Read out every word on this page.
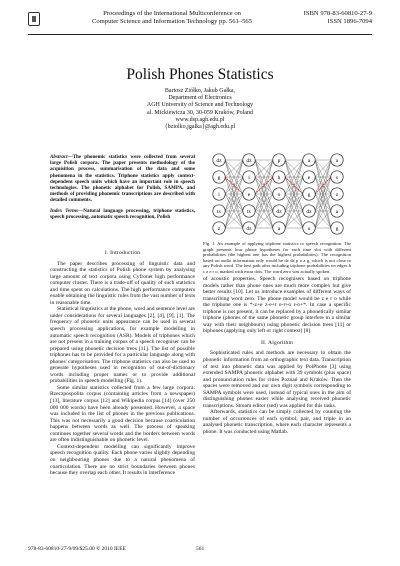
Proceedings of the International Multiconference on
Computer Science and Information Technology pp. 561–565
ISBN 978-83-60810-27-9
ISSN 1896-7094
Polish Phones Statistics
Bartosz Ziółko, Jakub Gałka,
Department of Electronics
AGH University of Science and Technology
al. Mickiewicza 30, 30-059 Kraków, Poland
www.dsp.agh.edu.pl
{bziolko,jgalka}@agh.edu.pl
Abstract—The phonemic statistics were collected from several large Polish corpora. The paper presents methodology of the acquisition process, summarisation of the data and some phenomena in the statistics. Triphone statistics apply context-dependent speech units which have an important role in speech technologies. The phonetic alphabet for Polish, SAMPA, and methods of providing phonemic transcriptions are described with detailed comments.
Index Terms—Natural language processing, triphone statistics, speech processing, automatic speech recognition, Polish
I. Introduction
The paper describes processing of linguistic data and constructing the statistics of Polish phone system by analysing large amount of text corpora using Cyfronet high performance computer cluster. There is a trade-off of quality of such statistics and time spent on calculations. The high performance computers enable obtaining the linguistic rules from the vast number of texts in reasonable time.
Statistical linguistics at the phone, word and sentence level are under considerations for several languages [2], [4], [9], [1]. The frequency of phonetic units appearance can be used in several speech processing applications, for example modelling in automatic speech recognition (ASR). Models of triphones which are not present in a training corpus of a speech recogniser can be prepared using phonetic decision trees [11]. The list of possible triphones has to be provided for a particular language along with phones' categorisation. The triphone statistics can also be used to generate hypotheses used in recognition of out-of-dictionary words including proper names or to provide additional probabilities in speech modelling (Fig. 1).
Some similar statistics collected from a few large corpora: Rzeczpospolita corpus (containing articles from a newspaper) [13], literature corpus [12] and Wikipedia corpus [14] (over 250 000 000 words) have been already presented. However, a space was included in the list of phones in the previous publications. This was not necessarily a good decision because coarticulation happens between words as well. The process of speaking continues together several words and the borders between words are often indistinguishable on phonetic level.
Context-dependent modelling can significantly improve speech recognition quality. Each phone varies slightly depending on neighbouring phones due to a natural phenomena of coarticulation. There are no strict boundaries between phones because they overlap each other. It results in interference
dz	dz	p	a	a
g	i	h	e	s
i	e	o	g	z
ts	ts	dz	dz	a
z	dz	a	o	g
Fig. 1. An example of applying triphone statistics to speech recognition. The graph presents four phone hypotheses for each time slot with different probabilities (the highest one has the highest probabilities). The recognition based on audio information only would be dz dz p a a g, which is not close to any Polish word. The best path after including triphone probabilities on edges b c z e r o, marked with extra dots. The word zero was actually spoken.
of acoustic properties. Speech recognisers based on triphone models rather than phone ones are much more complex but give better results [10]. Let us introduce examples of different ways of transcribing word zero. The phone model would be z e r o while the triphone one is *-z+e z-e+r e-r+o r-o+*. In case a specific triphone is not present, it can be replaced by a phonetically similar triphone (phones of the same phonetic group interfere in a similar way with their neighbours) using phonetic decision trees [11] or biphones (applying only left or right context) [8].
II. Algorithm
Sophisticated rules and methods are necessary to obtain the phonetic information from an orthographic text data. Transcription of text into phonetic data was applied by PolPhone [3] using extended SAMPA phonetic alphabet with 39 symbols (plus space) and pronunciation rules for cities Poznań and Kraków. Then the spaces were removed and our own digit symbols corresponding to SAMPA symbols were used, instead of typical ones in the aim of distinguishing phones easier while analysing received phonetic transcriptions. Stream editor (sed) was applied for this tasks.
Afterwards, statistics can be simply collected by counting the number of occurrences of each symbol, pair, and triple in an analysed phonetic transcription, where each character represents a phone. It was conducted using Matlab.
978-83-60810-27-9/09/$25.00 © 2010 IEEE	561
